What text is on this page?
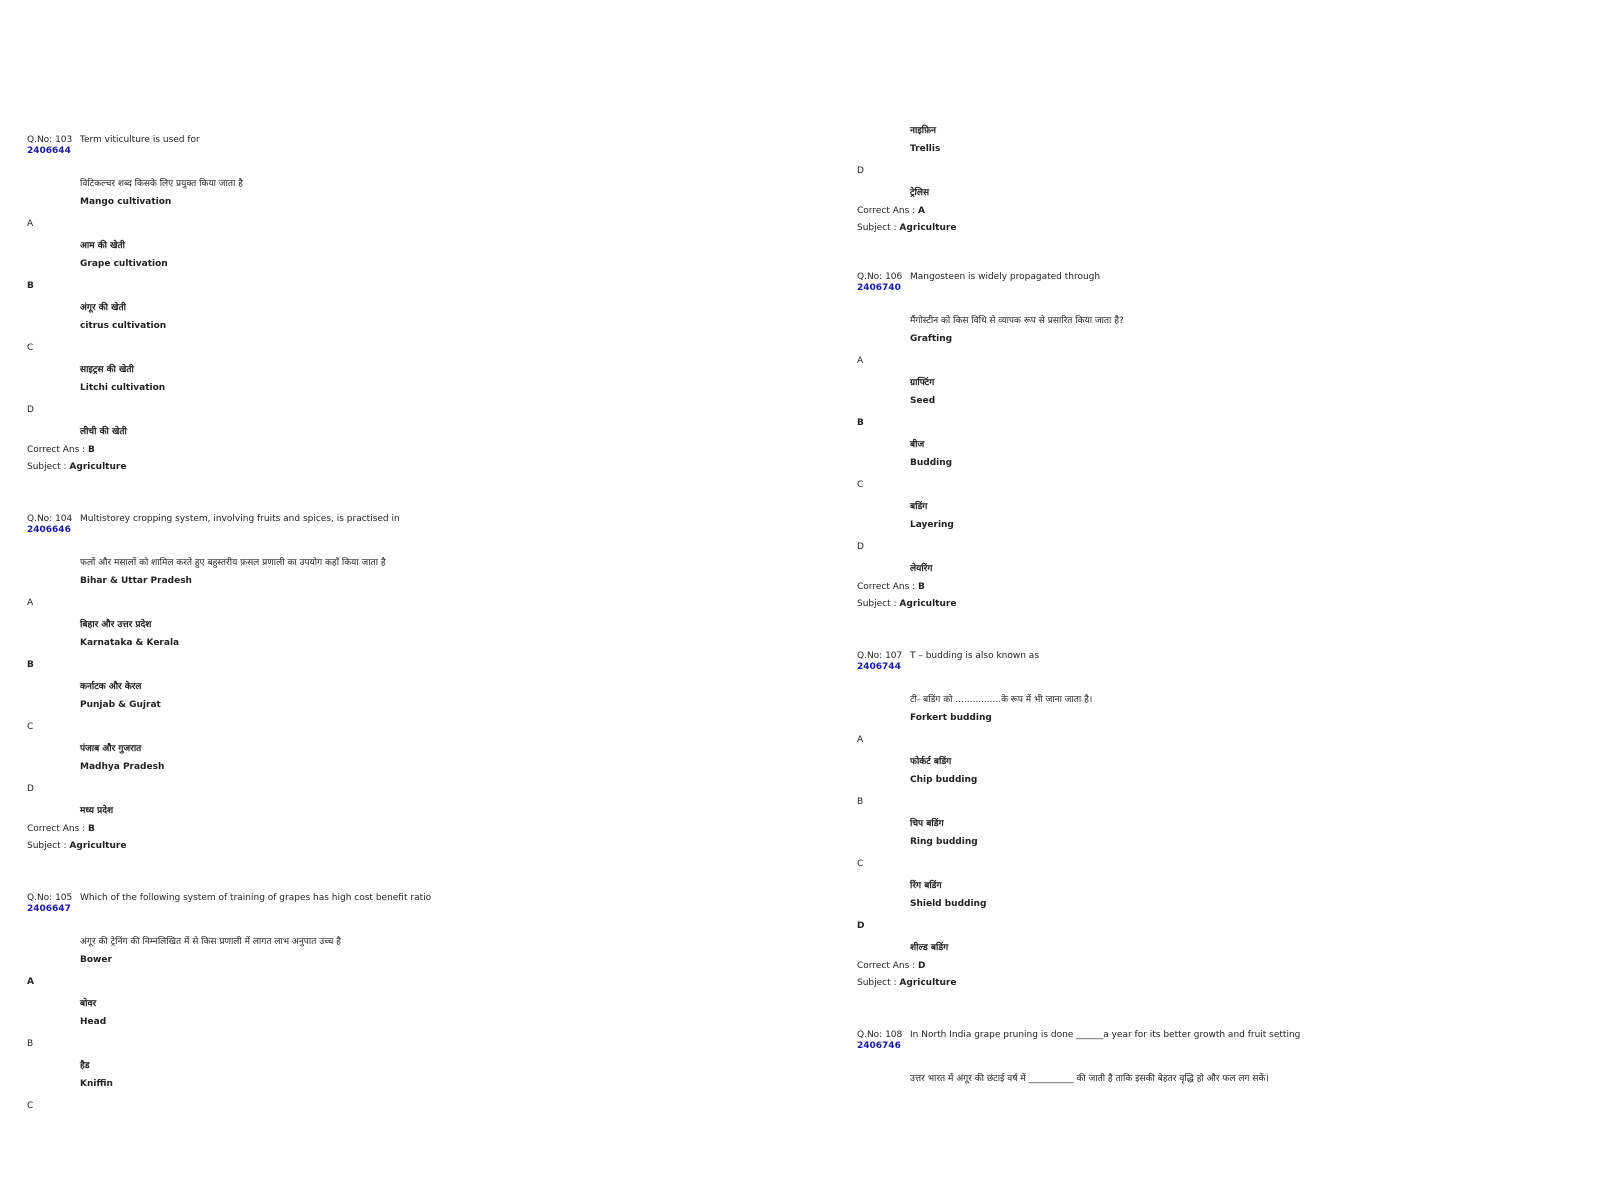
Q.No: 103
2406644
Term viticulture is used for
विटिकल्चर शब्द किसके लिए प्रयुक्त किया जाता है
Mango cultivation
A
आम की खेती
Grape cultivation
B
अंगूर की खेती
citrus cultivation
C
साइट्रस की खेती
Litchi cultivation
D
लीची की खेती
Correct Ans : B
Subject : Agriculture
Q.No: 104
2406646
Multistorey cropping system, involving fruits and spices, is practised in
फलों और मसालों को शामिल करते हुए बहुस्तरीय फ़सल प्रणाली का उपयोग कहाँ किया जाता है
Bihar & Uttar Pradesh
A
बिहार और उत्तर प्रदेश
Karnataka & Kerala
B
कर्नाटक और केरल
Punjab & Gujrat
C
पंजाब और गुजरात
Madhya Pradesh
D
मध्य प्रदेश
Correct Ans : B
Subject : Agriculture
Q.No: 105
2406647
Which of the following system of training of grapes has high cost benefit ratio
अंगूर की ट्रेनिंग की निम्नलिखित में से किस प्रणाली में लागत लाभ अनुपात उच्च है
Bower
A
बोवर
Head
B
हैड
Kniffin
C
नाइफ़िन
Trellis
D
ट्रेलिस
Correct Ans : A
Subject : Agriculture
Q.No: 106
2406740
Mangosteen is widely propagated through
मैंगोस्टीन को किस विधि से व्यापक रूप से प्रसारित किया जाता है?
Grafting
A
ग्राफ्टिंग
Seed
B
बीज
Budding
C
बडिंग
Layering
D
लेयरिंग
Correct Ans : B
Subject : Agriculture
Q.No: 107
2406744
T – budding is also known as
टी- बडिंग को ................के रूप में भी जाना जाता है।
Forkert budding
A
फोर्कर्ट बडिंग
Chip budding
B
चिप बडिंग
Ring budding
C
रिंग बडिंग
Shield budding
D
शील्ड बडिंग
Correct Ans : D
Subject : Agriculture
Q.No: 108
2406746
In North India grape pruning is done ______a year for its better growth and fruit setting
उत्तर भारत में अंगूर की छंटाई वर्ष में __________ की जाती है ताकि इसकी बेहतर वृद्धि हो और फल लग सकें।
